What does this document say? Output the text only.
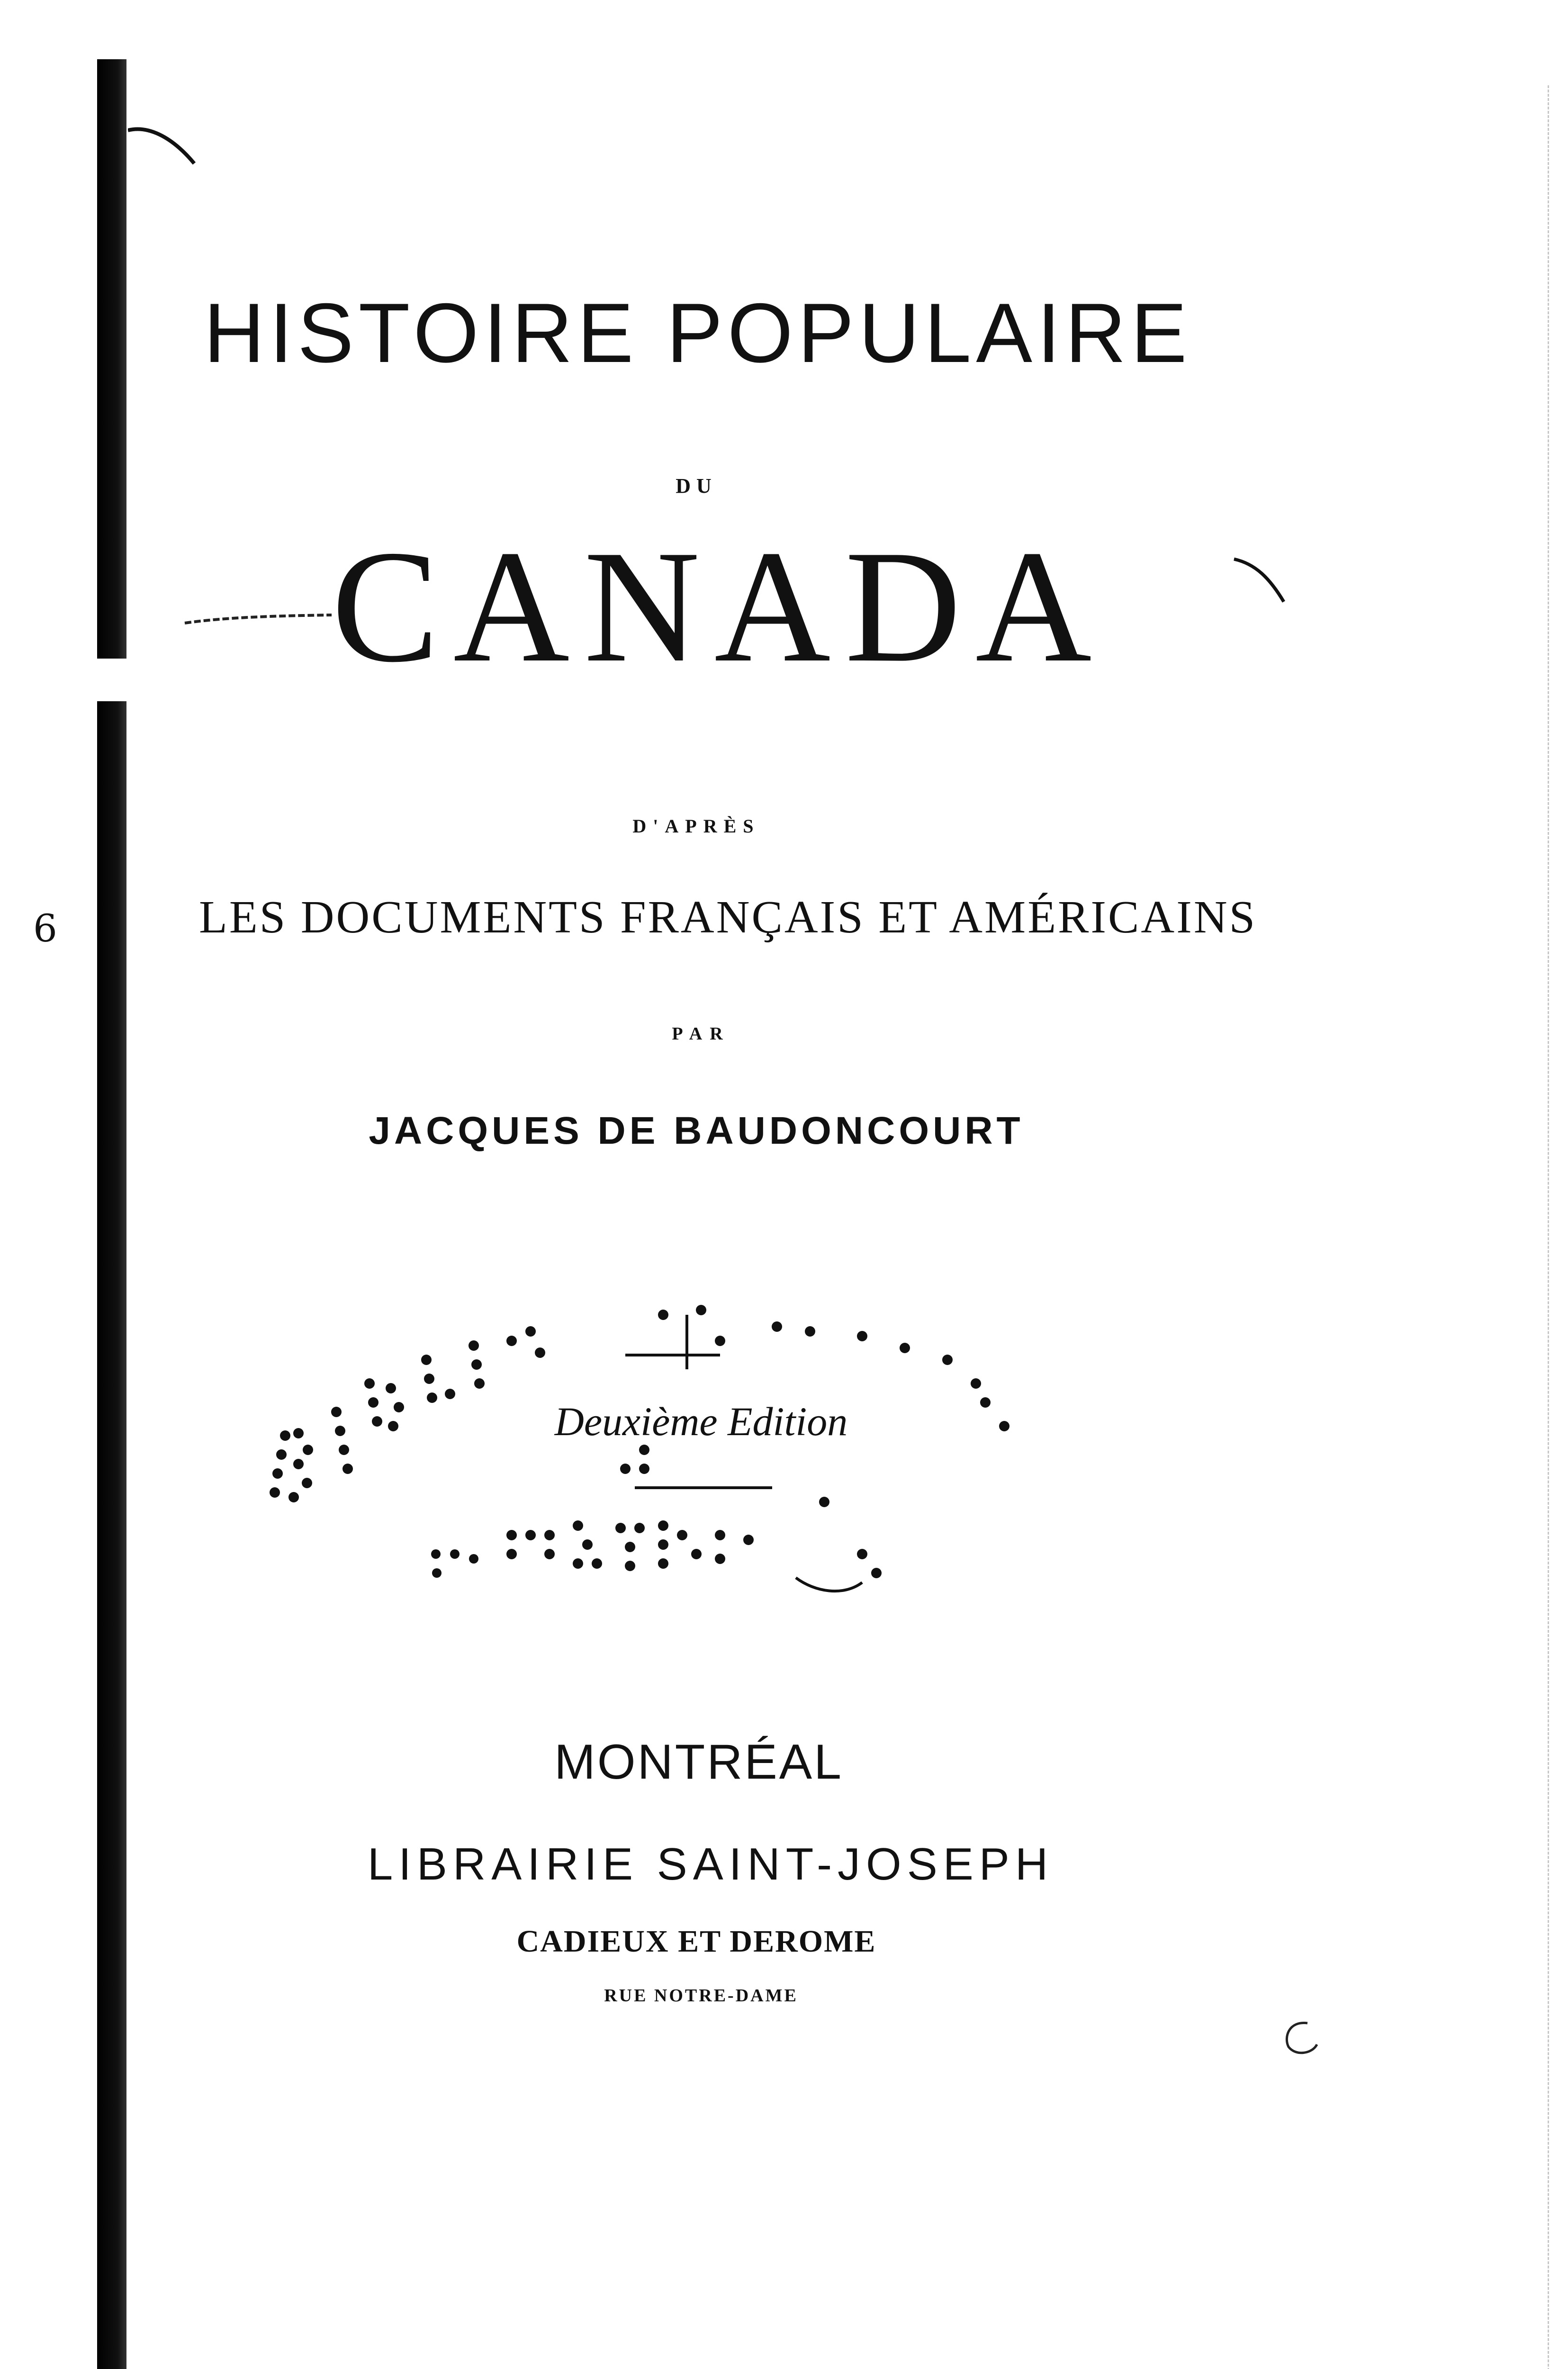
6
HISTOIRE POPULAIRE
DU
CANADA
D'APRÈS
LES DOCUMENTS FRANÇAIS ET AMÉRICAINS
PAR
JACQUES DE BAUDONCOURT
Deuxième Edition
MONTRÉAL
LIBRAIRIE SAINT-JOSEPH
CADIEUX ET DEROME
RUE NOTRE-DAME
